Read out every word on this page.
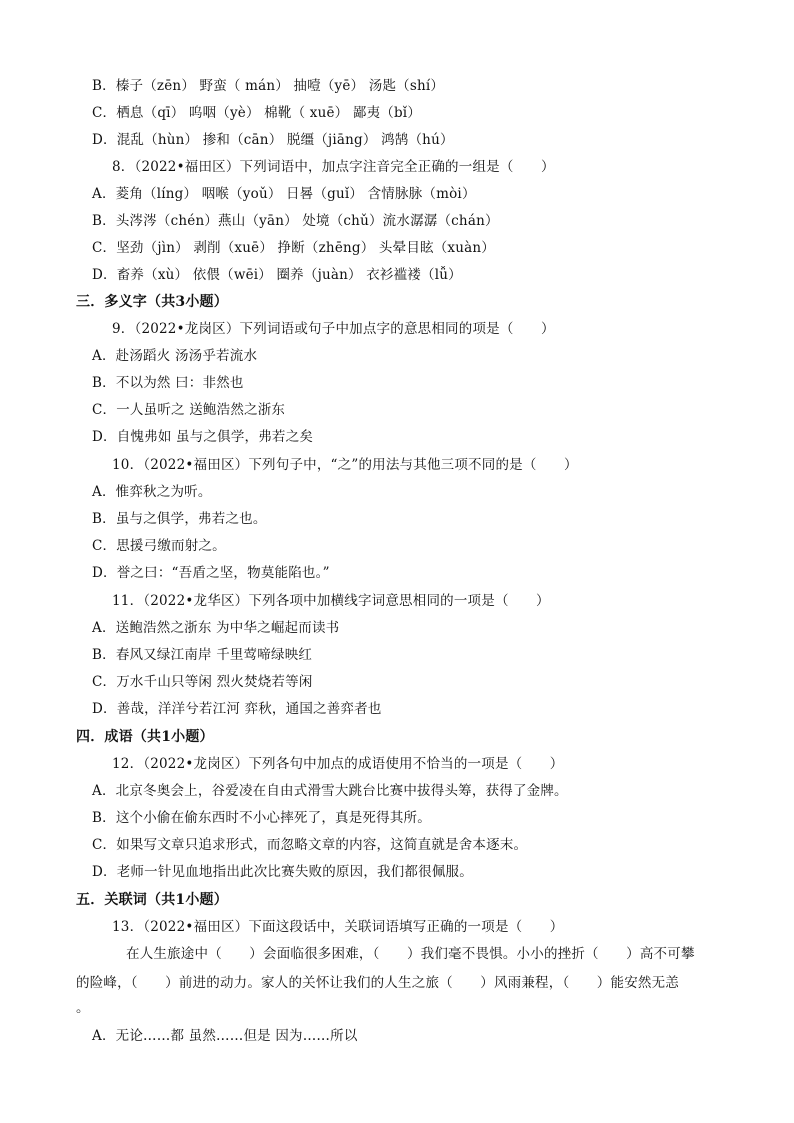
B．榛子（zēn） 野蛮（ mán） 抽噎（yē） 汤匙（shí）
C．栖息（qī） 呜咽（yè） 棉靴（ xuē） 鄙夷（bǐ）
D．混乱（hùn） 掺和（cān） 脱缰（jiāng） 鸿鹄（hú）
8．（2022•福田区）下列词语中，加点字注音完全正确的一组是（　　）
A．菱角（líng） 咽喉（yoǔ） 日晷（guǐ） 含情脉脉（mòi）
B．头涔涔（chén）燕山（yān） 处境（chǔ）流水潺潺（chán）
C．坚劲（jìn） 剥削（xuē） 挣断（zhēng） 头晕目眩（xuàn）
D．畜养（xù） 依偎（wēi） 圈养（juàn） 衣衫褴褛（lǚ）
三．多义字（共3小题）
9．（2022•龙岗区）下列词语或句子中加点字的意思相同的项是（　　）
A．赴汤蹈火 汤汤乎若流水
B．不以为然 曰：非然也
C．一人虽听之 送鲍浩然之浙东
D．自愧弗如 虽与之俱学，弗若之矣
10．（2022•福田区）下列句子中，“之”的用法与其他三项不同的是（　　）
A．惟弈秋之为听。
B．虽与之俱学，弗若之也。
C．思援弓缴而射之。
D．誉之曰：“吾盾之坚，物莫能陷也。”
11．（2022•龙华区）下列各项中加横线字词意思相同的一项是（　　）
A．送鲍浩然之浙东 为中华之崛起而读书
B．春风又绿江南岸 千里莺啼绿映红
C．万水千山只等闲 烈火焚烧若等闲
D．善哉，洋洋兮若江河 弈秋，通国之善弈者也
四．成语（共1小题）
12．（2022•龙岗区）下列各句中加点的成语使用不恰当的一项是（　　）
A．北京冬奥会上，谷爱凌在自由式滑雪大跳台比赛中拔得头筹，获得了金牌。
B．这个小偷在偷东西时不小心摔死了，真是死得其所。
C．如果写文章只追求形式，而忽略文章的内容，这简直就是舍本逐末。
D．老师一针见血地指出此次比赛失败的原因，我们都很佩服。
五．关联词（共1小题）
13．（2022•福田区）下面这段话中，关联词语填写正确的一项是（　　）
在人生旅途中（　　）会面临很多困难，（　　）我们毫不畏惧。小小的挫折（　　）高不可攀
的险峰，（　　）前进的动力。家人的关怀让我们的人生之旅（　　）风雨兼程，（　　）能安然无恙
。
A．无论……都 虽然……但是 因为……所以
